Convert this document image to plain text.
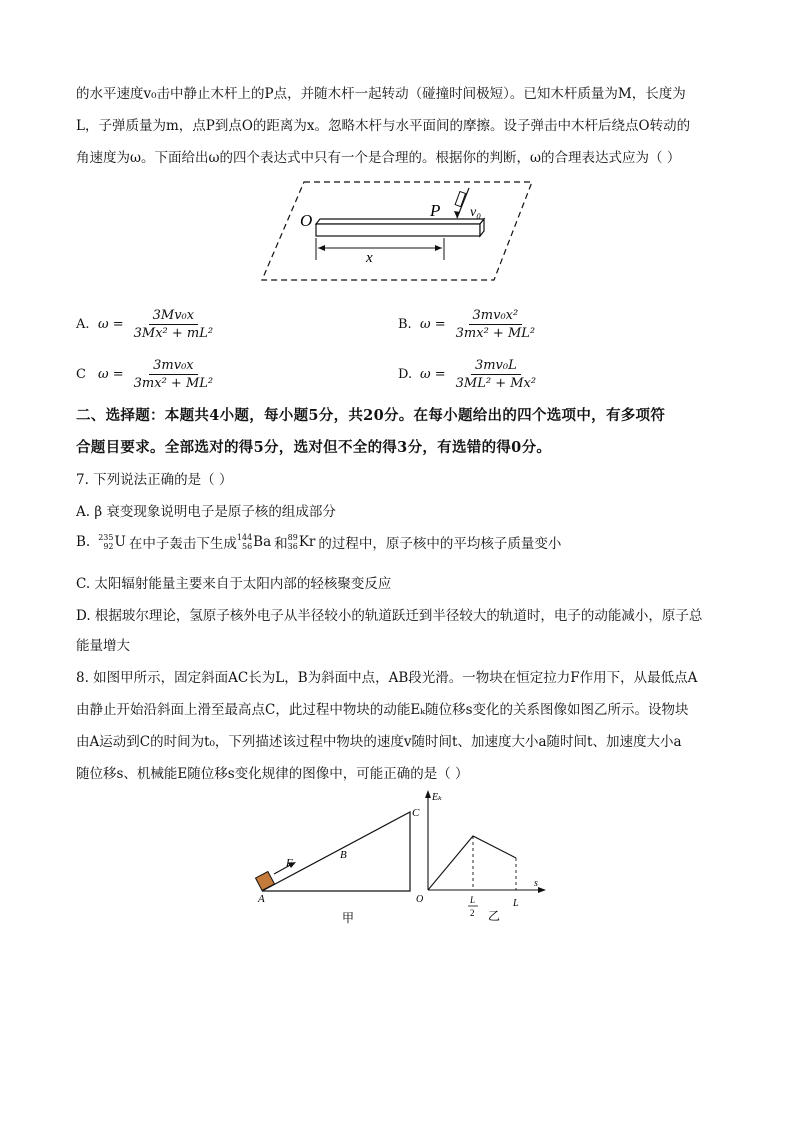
的水平速度v₀击中静止木杆上的P点，并随木杆一起转动（碰撞时间极短）。已知木杆质量为M，长度为
L，子弹质量为m，点P到点O的距离为x。忽略木杆与水平面间的摩擦。设子弹击中木杆后绕点O转动的
角速度为ω。下面给出ω的四个表达式中只有一个是合理的。根据你的判断，ω的合理表达式应为（ ）
O
P v₀
x
A. $\omega = \frac{\text{3Mv₀x}}{\text{3Mx² + mL²}}$	B. $\omega = \frac{\text{3mv₀x²}}{\text{3mx² + ML²}}$
C $\omega = \frac{\text{3mv₀x}}{\text{3mx² + ML²}}$	D. $\omega = \frac{\text{3mv₀L}}{\text{3ML² + Mx²}}$
二、选择题：本题共4小题，每小题5分，共20分。在每小题给出的四个选项中，有多项符
合题目要求。全部选对的得5分，选对但不全的得3分，有选错的得0分。
7. 下列说法正确的是（ ）
A. β 衰变现象说明电子是原子核的组成部分
B. 235
92 U 在中子轰击下生成 144
56 Ba 和 89
36 Kr 的过程中，原子核中的平均核子质量变小
C. 太阳辐射能量主要来自于太阳内部的轻核聚变反应
D. 根据玻尔理论，氢原子核外电子从半径较小的轨道跃迁到半径较大的轨道时，电子的动能减小，原子总
能量增大
8. 如图甲所示，固定斜面AC长为L，B为斜面中点，AB段光滑。一物块在恒定拉力F作用下，从最低点A
由静止开始沿斜面上滑至最高点C，此过程中物块的动能Eₖ随位移s变化的关系图像如图乙所示。设物块
由A运动到C的时间为t₀，下列描述该过程中物块的速度v随时间t、加速度大小a随时间t、加速度大小a
随位移s、机械能E随位移s变化规律的图像中，可能正确的是（ ）
F
B
C
A
甲
Eₖ
O
s
L
2
L
乙
